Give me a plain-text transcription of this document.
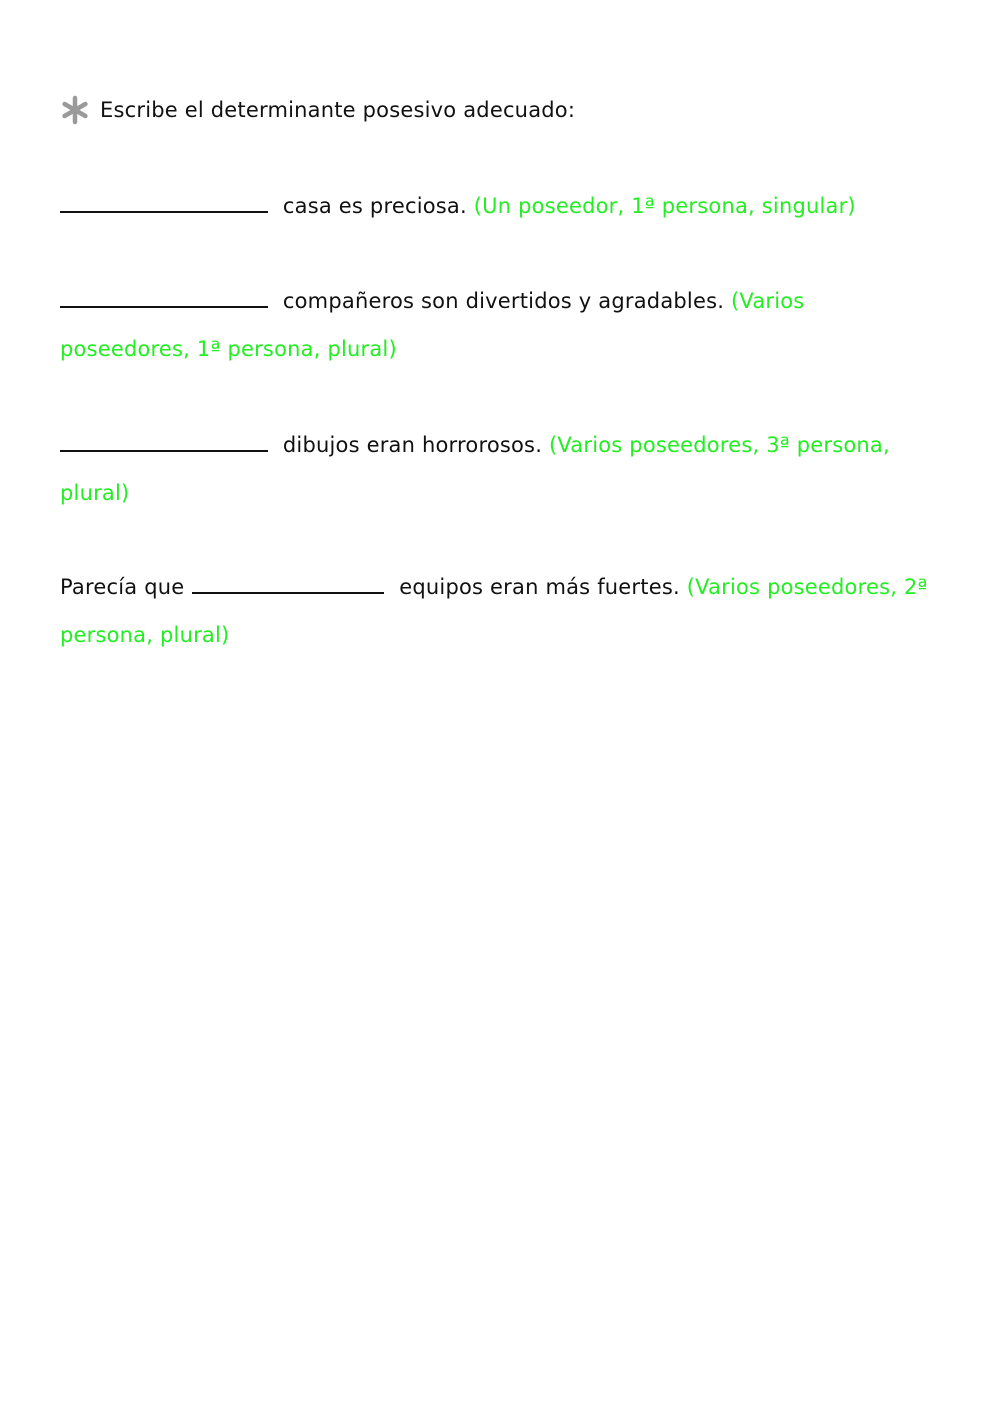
Escribe el determinante posesivo adecuado:
casa es preciosa. (Un poseedor, 1ª persona, singular)
compañeros son divertidos y agradables. (Varios poseedores, 1ª persona, plural)
dibujos eran horrorosos. (Varios poseedores, 3ª persona, plural)
Parecía que	equipos eran más fuertes. (Varios poseedores, 2ª persona, plural)
